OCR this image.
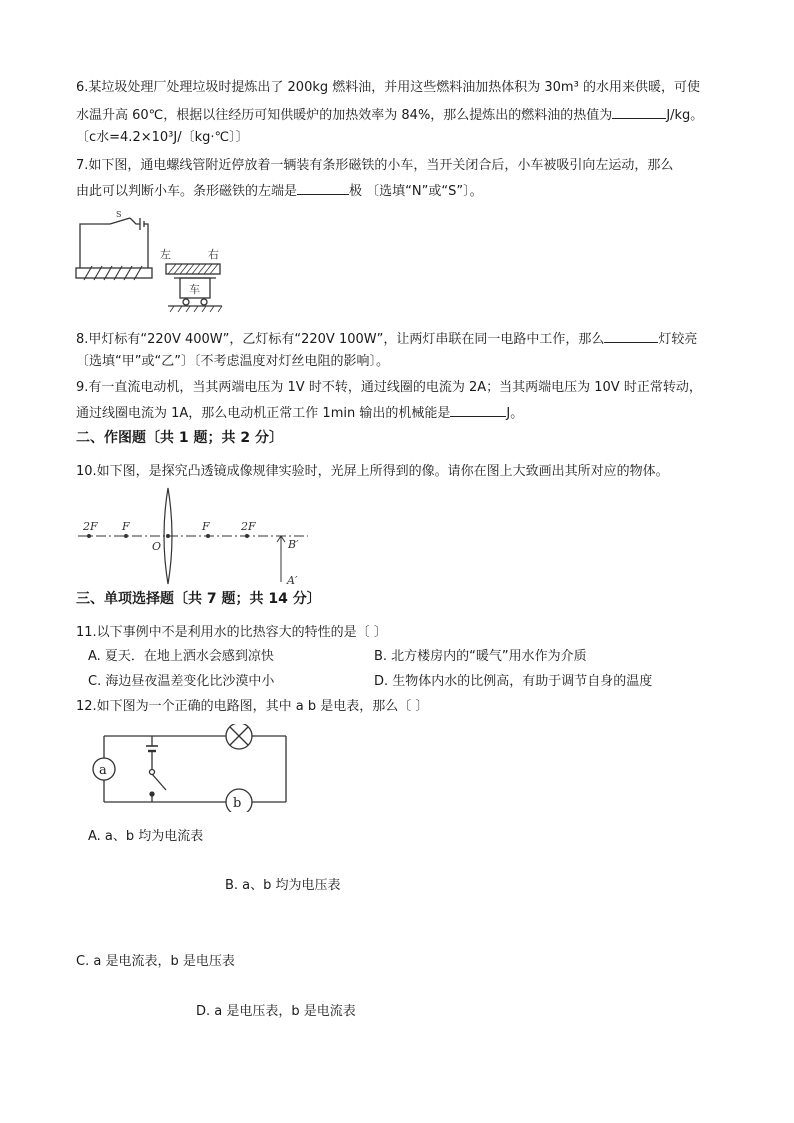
6.某垃圾处理厂处理垃圾时提炼出了 200kg 燃料油，并用这些燃料油加热体积为 30m³ 的水用来供暖，可使
水温升高 60℃，根据以往经历可知供暖炉的加热效率为 84%，那么提炼出的燃料油的热值为	J/kg。
〔c水=4.2×10³J/〔kg·℃〕〕
7.如下图，通电螺线管附近停放着一辆装有条形磁铁的小车，当开关闭合后，小车被吸引向左运动，那么
由此可以判断小车。条形磁铁的左端是	极 〔选填“N”或“S”〕。
S
左	右
车
8.甲灯标有“220V 400W”，乙灯标有“220V 100W”，让两灯串联在同一电路中工作，那么	灯较亮
〔选填“甲”或“乙”〕〔不考虑温度对灯丝电阻的影响〕。
9.有一直流电动机，当其两端电压为 1V 时不转，通过线圈的电流为 2A；当其两端电压为 10V 时正常转动，
通过线圈电流为 1A，那么电动机正常工作 1min 输出的机械能是	J。
二、作图题〔共 1 题；共 2 分〕
10.如下图，是探究凸透镜成像规律实验时，光屏上所得到的像。请你在图上大致画出其所对应的物体。
2F F
O
F	2F
B′
A′
三、单项选择题〔共 7 题；共 14 分〕
11.以下事例中不是利用水的比热容大的特性的是〔 〕
A. 夏天．在地上洒水会感到凉快	B. 北方楼房内的“暖气”用水作为介质
C. 海边昼夜温差变化比沙漠中小	D. 生物体内水的比例高，有助于调节自身的温度
12.如下图为一个正确的电路图，其中 a b 是电表，那么〔 〕
a
b
A. a、b 均为电流表
B. a、b 均为电压表
C. a 是电流表，b 是电压表
D. a 是电压表，b 是电流表
